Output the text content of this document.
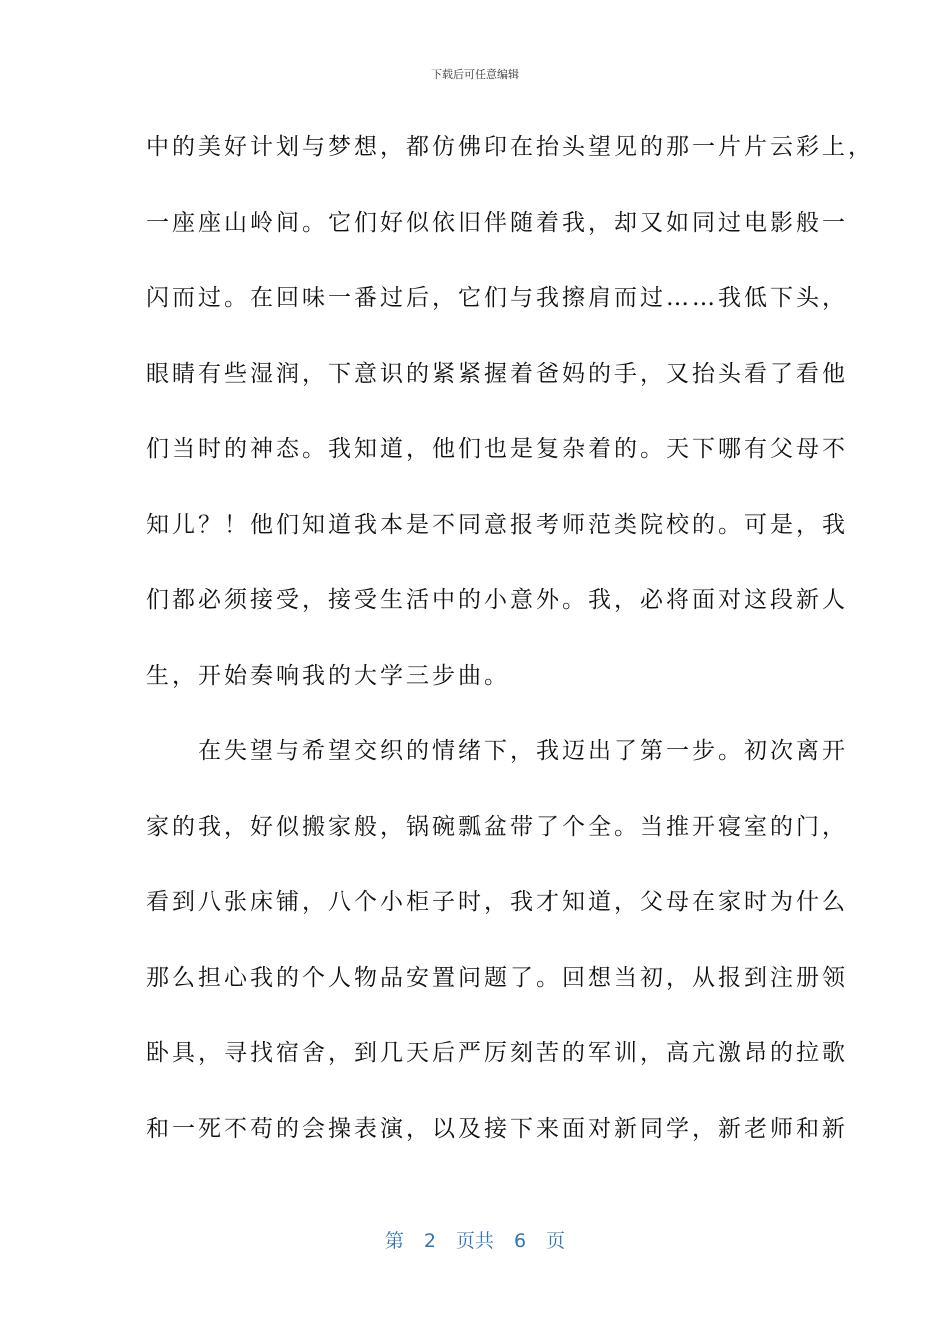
下载后可任意编辑
中的美好计划与梦想，都仿佛印在抬头望见的那一片片云彩上，
一座座山岭间。它们好似依旧伴随着我，却又如同过电影般一
闪而过。在回味一番过后，它们与我擦肩而过……我低下头，
眼睛有些湿润，下意识的紧紧握着爸妈的手，又抬头看了看他
们当时的神态。我知道，他们也是复杂着的。天下哪有父母不
知儿？！他们知道我本是不同意报考师范类院校的。可是，我
们都必须接受，接受生活中的小意外。我，必将面对这段新人
生，开始奏响我的大学三步曲。
　　在失望与希望交织的情绪下，我迈出了第一步。初次离开
家的我，好似搬家般，锅碗瓢盆带了个全。当推开寝室的门，
看到八张床铺，八个小柜子时，我才知道，父母在家时为什么
那么担心我的个人物品安置问题了。回想当初，从报到注册领
卧具，寻找宿舍，到几天后严厉刻苦的军训，高亢激昂的拉歌
和一死不苟的会操表演，以及接下来面对新同学，新老师和新
第 2 页共 6 页
